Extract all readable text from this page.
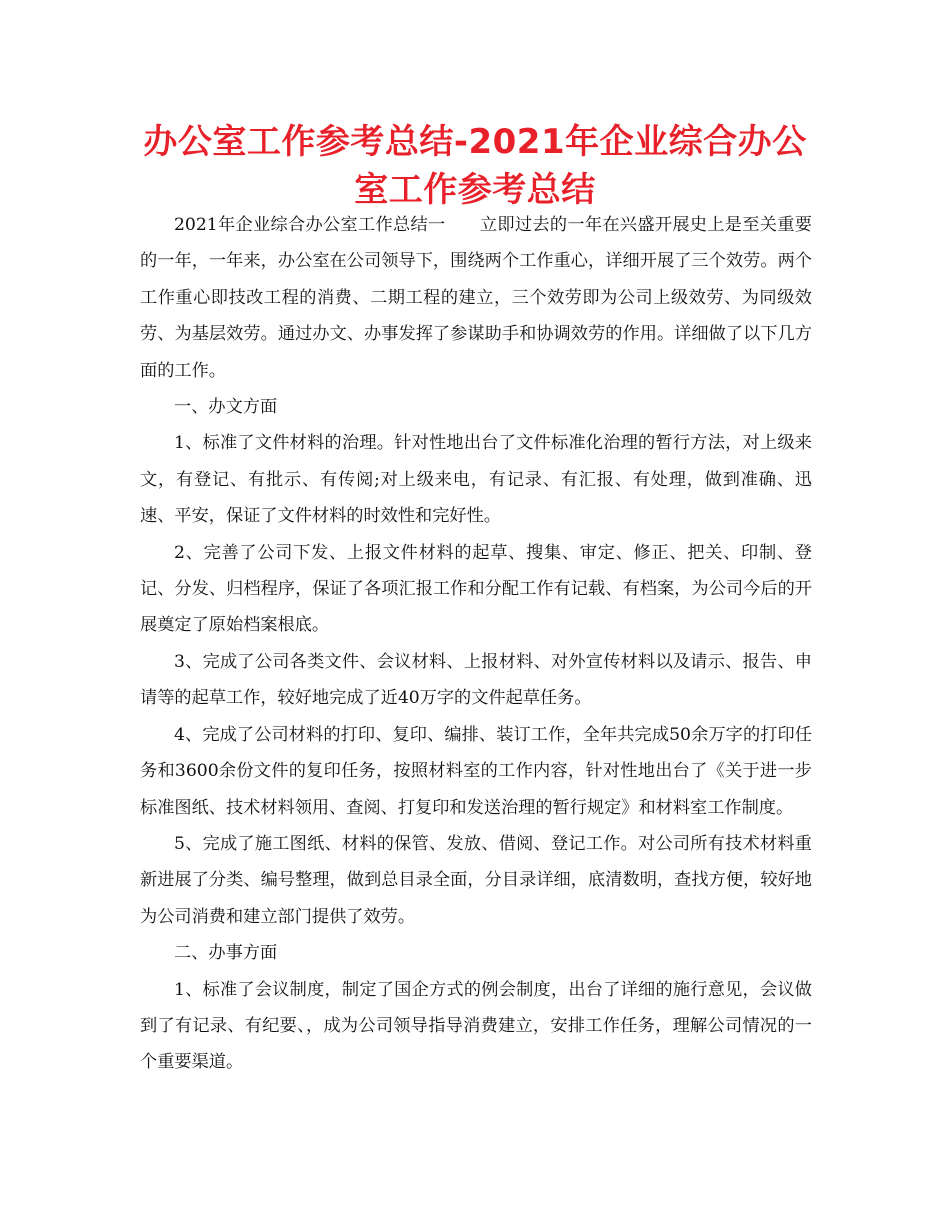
办公室工作参考总结-2021年企业综合办公室工作参考总结

2021年企业综合办公室工作总结一 立即过去的一年在兴盛开展史上是至关重要的一年，一年来，办公室在公司领导下，围绕两个工作重心，详细开展了三个效劳。两个工作重心即技改工程的消费、二期工程的建立，三个效劳即为公司上级效劳、为同级效劳、为基层效劳。通过办文、办事发挥了参谋助手和协调效劳的作用。详细做了以下几方面的工作。

一、办文方面

1、标准了文件材料的治理。针对性地出台了文件标准化治理的暂行方法，对上级来文，有登记、有批示、有传阅;对上级来电，有记录、有汇报、有处理，做到准确、迅速、平安，保证了文件材料的时效性和完好性。

2、完善了公司下发、上报文件材料的起草、搜集、审定、修正、把关、印制、登记、分发、归档程序，保证了各项汇报工作和分配工作有记载、有档案，为公司今后的开展奠定了原始档案根底。

3、完成了公司各类文件、会议材料、上报材料、对外宣传材料以及请示、报告、申请等的起草工作，较好地完成了近40万字的文件起草任务。

4、完成了公司材料的打印、复印、编排、装订工作，全年共完成50余万字的打印任务和3600余份文件的复印任务，按照材料室的工作内容，针对性地出台了《关于进一步标准图纸、技术材料领用、查阅、打复印和发送治理的暂行规定》和材料室工作制度。

5、完成了施工图纸、材料的保管、发放、借阅、登记工作。对公司所有技术材料重新进展了分类、编号整理，做到总目录全面，分目录详细，底清数明，查找方便，较好地为公司消费和建立部门提供了效劳。

二、办事方面

1、标准了会议制度，制定了国企方式的例会制度，出台了详细的施行意见，会议做到了有记录、有纪要、，成为公司领导指导消费建立，安排工作任务，理解公司情况的一个重要渠道。
